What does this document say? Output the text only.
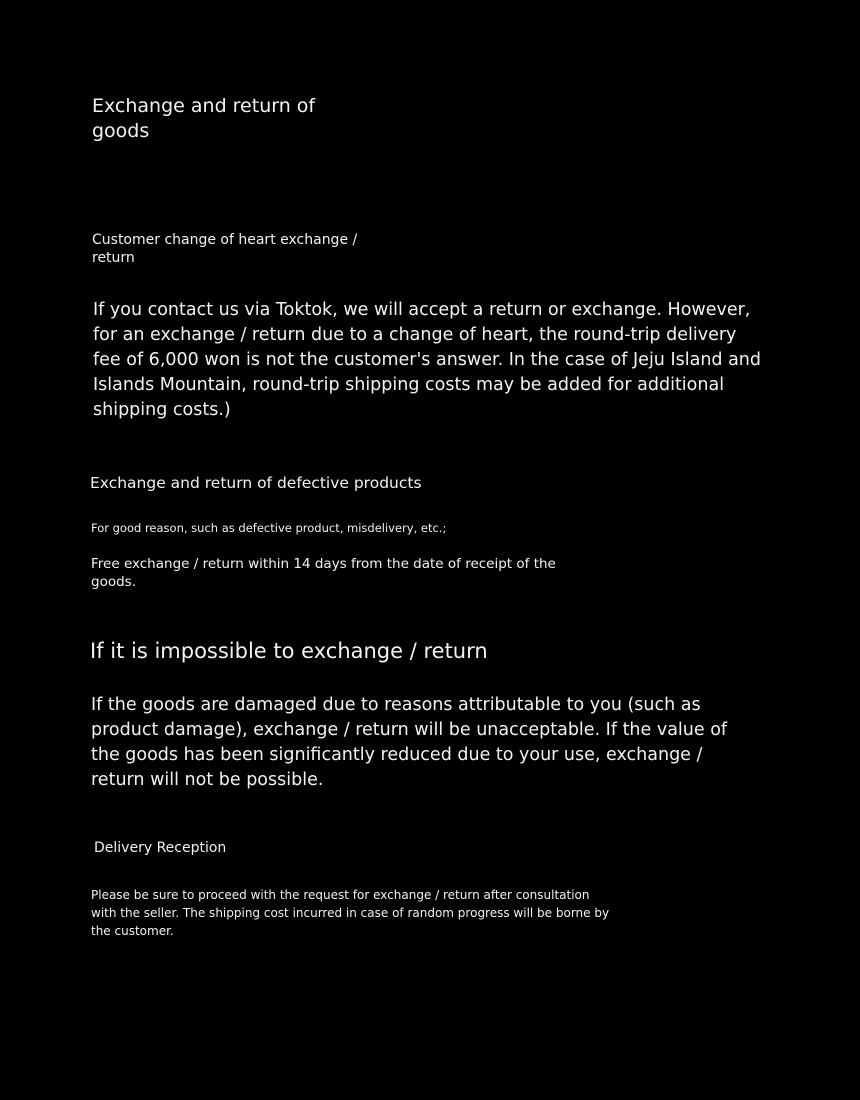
Exchange and return of goods
Customer change of heart exchange / return

If you contact us via Toktok, we will accept a return or exchange. However, for an exchange / return due to a change of heart, the round-trip delivery fee of 6,000 won is not the customer's answer. In the case of Jeju Island and Islands Mountain, round-trip shipping costs may be added for additional shipping costs.)

Exchange and return of defective products

For good reason, such as defective product, misdelivery, etc.;

Free exchange / return within 14 days from the date of receipt of the goods.

If it is impossible to exchange / return

If the goods are damaged due to reasons attributable to you (such as product damage), exchange / return will be unacceptable. If the value of the goods has been significantly reduced due to your use, exchange / return will not be possible.

Delivery Reception

Please be sure to proceed with the request for exchange / return after consultation with the seller. The shipping cost incurred in case of random progress will be borne by the customer.
